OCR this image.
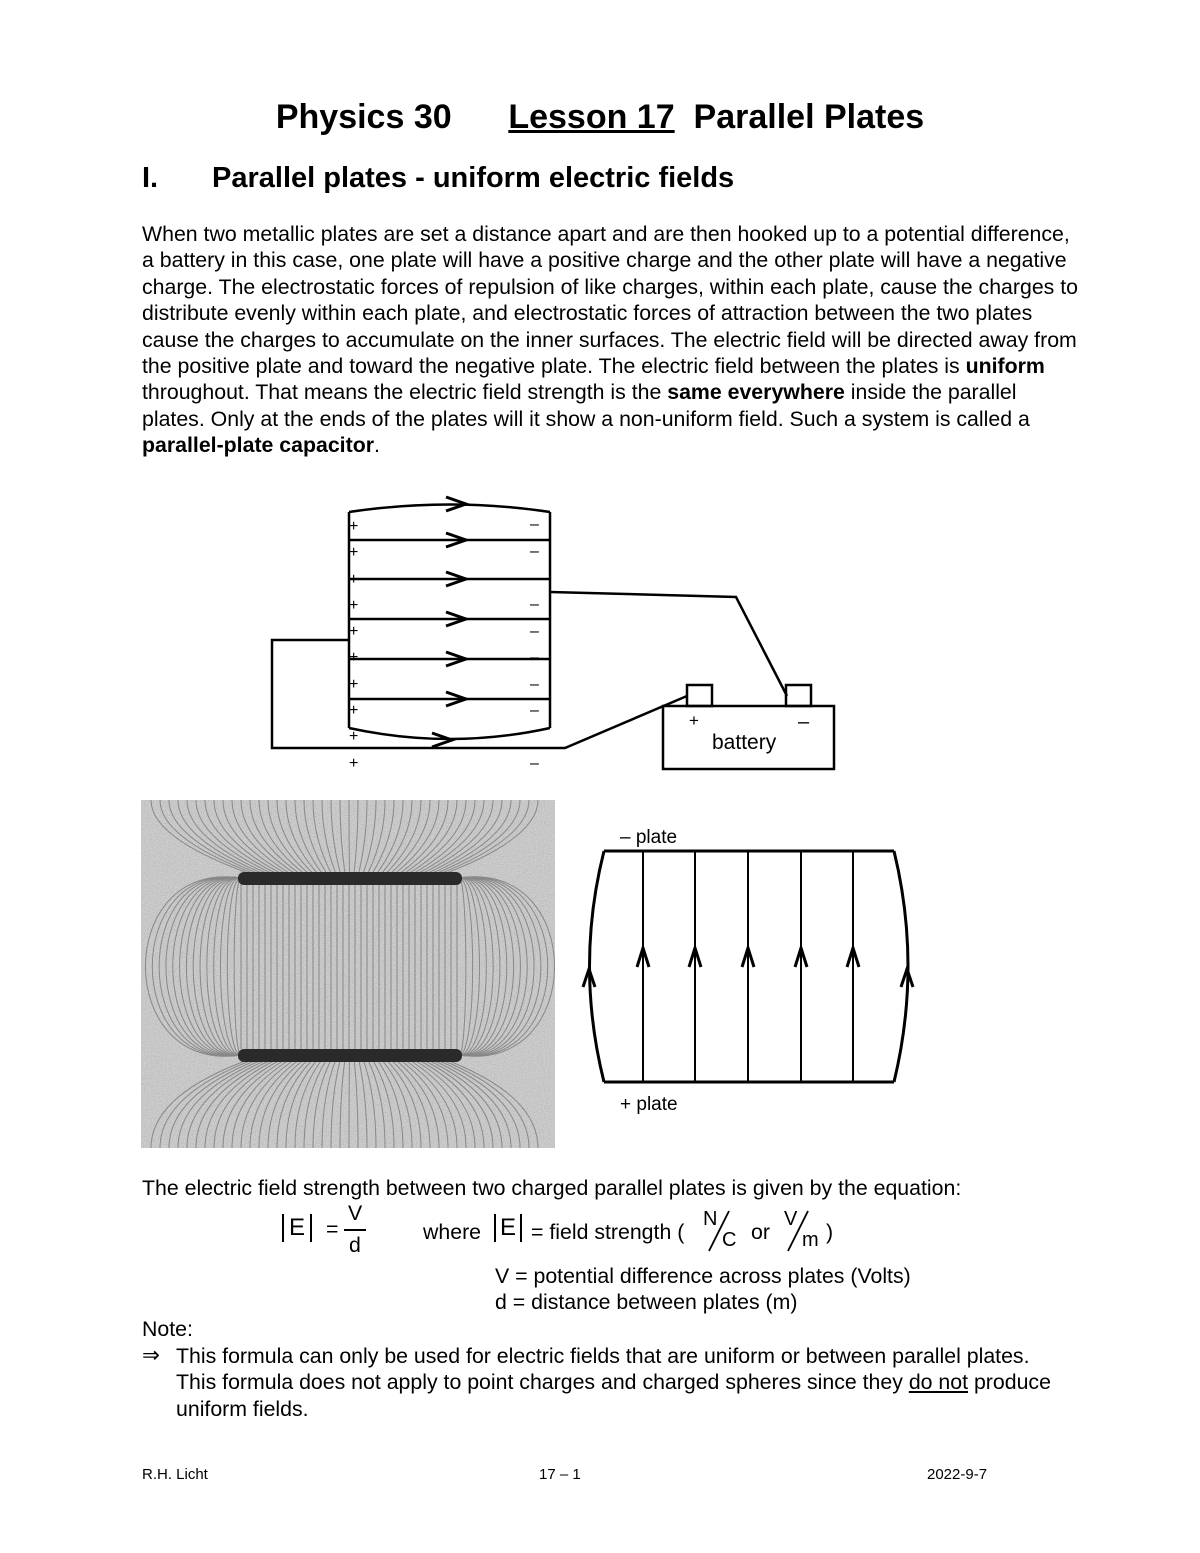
Physics 30 Lesson 17 Parallel Plates
I. Parallel plates - uniform electric fields
When two metallic plates are set a distance apart and are then hooked up to a potential difference, a battery in this case, one plate will have a positive charge and the other plate will have a negative charge. The electrostatic forces of repulsion of like charges, within each plate, cause the charges to distribute evenly within each plate, and electrostatic forces of attraction between the two plates cause the charges to accumulate on the inner surfaces. The electric field will be directed away from the positive plate and toward the negative plate. The electric field between the plates is uniform throughout. That means the electric field strength is the same everywhere inside the parallel plates. Only at the ends of the plates will it show a non-uniform field. Such a system is called a parallel-plate capacitor.
+
+
+
+
+
+
+
+
+
+
–
–
–
–
–
–
–
–
+	–
battery
– plate
+ plate
The electric field strength between two charged parallel plates is given by the equation:
E =
V
d
where E = field strength (
N
C or
V
m )
V = potential difference across plates (Volts)
d = distance between plates (m)
Note:
⇒ This formula can only be used for electric fields that are uniform or between parallel plates. This formula does not apply to point charges and charged spheres since they do not produce uniform fields.
R.H. Licht	17 – 1	2022-9-7
